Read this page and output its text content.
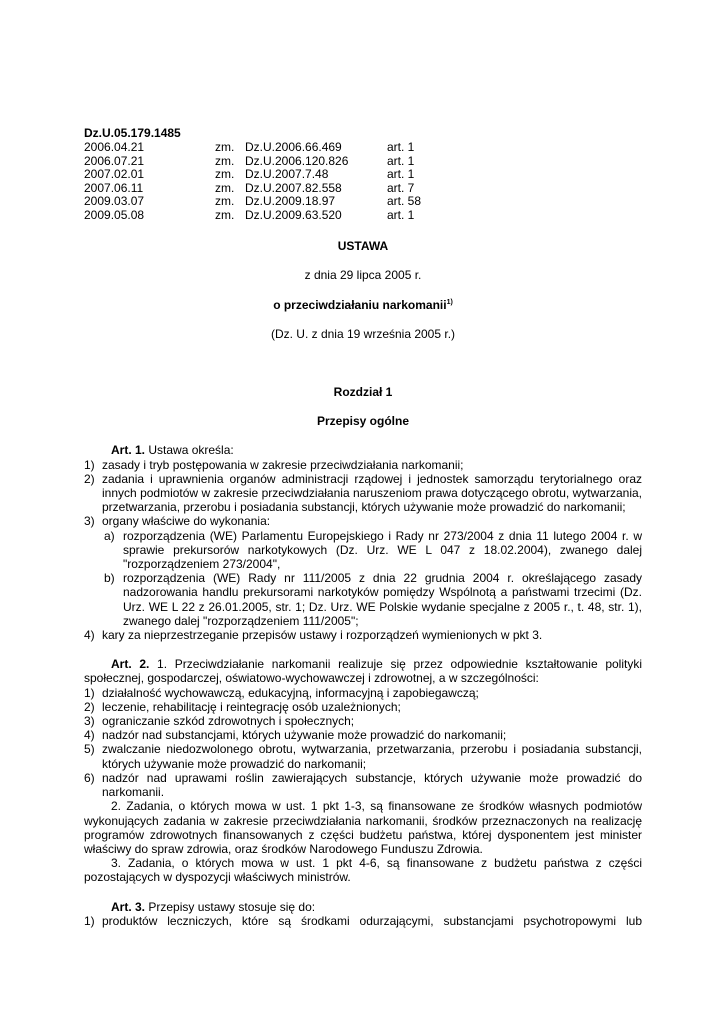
Dz.U.05.179.1485
2006.04.21	zm. Dz.U.2006.66.469	art. 1
2006.07.21	zm. Dz.U.2006.120.826	art. 1
2007.02.01	zm. Dz.U.2007.7.48	art. 1
2007.06.11	zm. Dz.U.2007.82.558	art. 7
2009.03.07	zm. Dz.U.2009.18.97	art. 58
2009.05.08	zm. Dz.U.2009.63.520	art. 1
USTAWA
z dnia 29 lipca 2005 r.
o przeciwdziałaniu narkomanii$^{1)}$
(Dz. U. z dnia 19 września 2005 r.)
Rozdział 1
Przepisy ogólne
Art. 1. Ustawa określa:
1) zasady i tryb postępowania w zakresie przeciwdziałania narkomanii;
2) zadania i uprawnienia organów administracji rządowej i jednostek samorządu terytorialnego oraz innych podmiotów w zakresie przeciwdziałania naruszeniom prawa dotyczącego obrotu, wytwarzania, przetwarzania, przerobu i posiadania substancji, których używanie może prowadzić do narkomanii;
3) organy właściwe do wykonania:
a) rozporządzenia (WE) Parlamentu Europejskiego i Rady nr 273/2004 z dnia 11 lutego 2004 r. w sprawie prekursorów narkotykowych (Dz. Urz. WE L 047 z 18.02.2004), zwanego dalej "rozporządzeniem 273/2004",
b) rozporządzenia (WE) Rady nr 111/2005 z dnia 22 grudnia 2004 r. określającego zasady nadzorowania handlu prekursorami narkotyków pomiędzy Wspólnotą a państwami trzecimi (Dz. Urz. WE L 22 z 26.01.2005, str. 1; Dz. Urz. WE Polskie wydanie specjalne z 2005 r., t. 48, str. 1), zwanego dalej "rozporządzeniem 111/2005";
4) kary za nieprzestrzeganie przepisów ustawy i rozporządzeń wymienionych w pkt 3.
Art. 2. 1. Przeciwdziałanie narkomanii realizuje się przez odpowiednie kształtowanie polityki społecznej, gospodarczej, oświatowo-wychowawczej i zdrowotnej, a w szczególności:
1) działalność wychowawczą, edukacyjną, informacyjną i zapobiegawczą;
2) leczenie, rehabilitację i reintegrację osób uzależnionych;
3) ograniczanie szkód zdrowotnych i społecznych;
4) nadzór nad substancjami, których używanie może prowadzić do narkomanii;
5) zwalczanie niedozwolonego obrotu, wytwarzania, przetwarzania, przerobu i posiadania substancji, których używanie może prowadzić do narkomanii;
6) nadzór nad uprawami roślin zawierających substancje, których używanie może prowadzić do narkomanii.
2. Zadania, o których mowa w ust. 1 pkt 1-3, są finansowane ze środków własnych podmiotów wykonujących zadania w zakresie przeciwdziałania narkomanii, środków przeznaczonych na realizację programów zdrowotnych finansowanych z części budżetu państwa, której dysponentem jest minister właściwy do spraw zdrowia, oraz środków Narodowego Funduszu Zdrowia.
3. Zadania, o których mowa w ust. 1 pkt 4-6, są finansowane z budżetu państwa z części pozostających w dyspozycji właściwych ministrów.
Art. 3. Przepisy ustawy stosuje się do:
1) produktów leczniczych, które są środkami odurzającymi, substancjami psychotropowymi lub
